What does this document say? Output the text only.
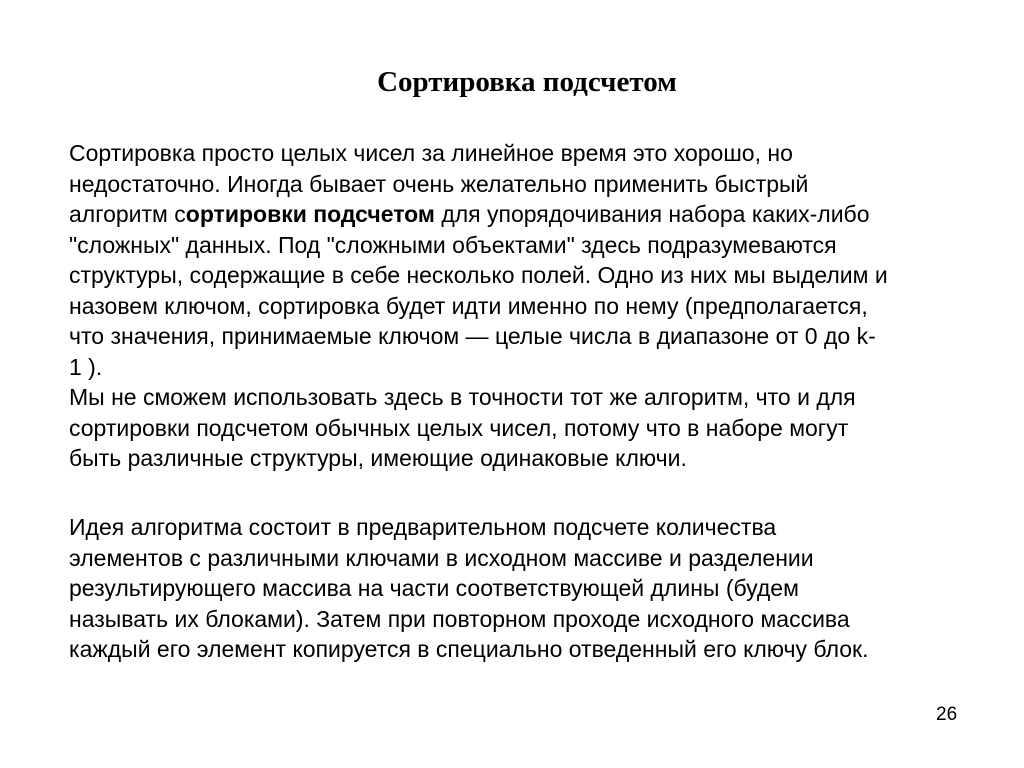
Сортировка подсчетом
Сортировка просто целых чисел за линейное время это хорошо, но
недостаточно. Иногда бывает очень желательно применить быстрый
алгоритм сортировки подсчетом для упорядочивания набора каких-либо
"сложных" данных. Под "сложными объектами" здесь подразумеваются
структуры, содержащие в себе несколько полей. Одно из них мы выделим и
назовем ключом, сортировка будет идти именно по нему (предполагается,
что значения, принимаемые ключом — целые числа в диапазоне от 0 до k-
1 ).
Мы не сможем использовать здесь в точности тот же алгоритм, что и для
сортировки подсчетом обычных целых чисел, потому что в наборе могут
быть различные структуры, имеющие одинаковые ключи.
Идея алгоритма состоит в предварительном подсчете количества
элементов с различными ключами в исходном массиве и разделении
результирующего массива на части соответствующей длины (будем
называть их блоками). Затем при повторном проходе исходного массива
каждый его элемент копируется в специально отведенный его ключу блок.
26
